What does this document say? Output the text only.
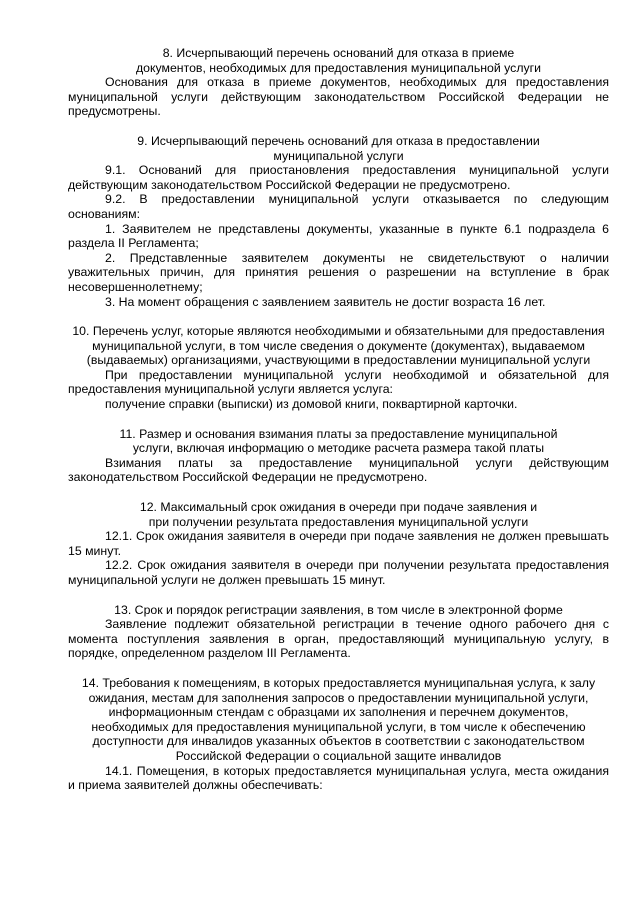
8. Исчерпывающий перечень оснований для отказа в приеме документов, необходимых для предоставления муниципальной услуги

Основания для отказа в приеме документов, необходимых для предоставления муниципальной услуги действующим законодательством Российской Федерации не предусмотрены.

9. Исчерпывающий перечень оснований для отказа в предоставлении муниципальной услуги

9.1. Оснований для приостановления предоставления муниципальной услуги действующим законодательством Российской Федерации не предусмотрено.

9.2. В предоставлении муниципальной услуги отказывается по следующим основаниям:

1. Заявителем не представлены документы, указанные в пункте 6.1 подраздела 6 раздела II Регламента;

2. Представленные заявителем документы не свидетельствуют о наличии уважительных причин, для принятия решения о разрешении на вступление в брак несовершеннолетнему;

3. На момент обращения с заявлением заявитель не достиг возраста 16 лет.

10. Перечень услуг, которые являются необходимыми и обязательными для предоставления муниципальной услуги, в том числе сведения о документе (документах), выдаваемом (выдаваемых) организациями, участвующими в предоставлении муниципальной услуги

При предоставлении муниципальной услуги необходимой и обязательной для предоставления муниципальной услуги является услуга:

получение справки (выписки) из домовой книги, поквартирной карточки.

11. Размер и основания взимания платы за предоставление муниципальной услуги, включая информацию о методике расчета размера такой платы

Взимания платы за предоставление муниципальной услуги действующим законодательством Российской Федерации не предусмотрено.

12. Максимальный срок ожидания в очереди при подаче заявления и при получении результата предоставления муниципальной услуги

12.1. Срок ожидания заявителя в очереди при подаче заявления не должен превышать 15 минут.

12.2. Срок ожидания заявителя в очереди при получении результата предоставления муниципальной услуги не должен превышать 15 минут.

13. Срок и порядок регистрации заявления, в том числе в электронной форме

Заявление подлежит обязательной регистрации в течение одного рабочего дня с момента поступления заявления в орган, предоставляющий муниципальную услугу, в порядке, определенном разделом III Регламента.

14. Требования к помещениям, в которых предоставляется муниципальная услуга, к залу ожидания, местам для заполнения запросов о предоставлении муниципальной услуги, информационным стендам с образцами их заполнения и перечнем документов, необходимых для предоставления муниципальной услуги, в том числе к обеспечению доступности для инвалидов указанных объектов в соответствии с законодательством Российской Федерации о социальной защите инвалидов

14.1. Помещения, в которых предоставляется муниципальная услуга, места ожидания и приема заявителей должны обеспечивать:
